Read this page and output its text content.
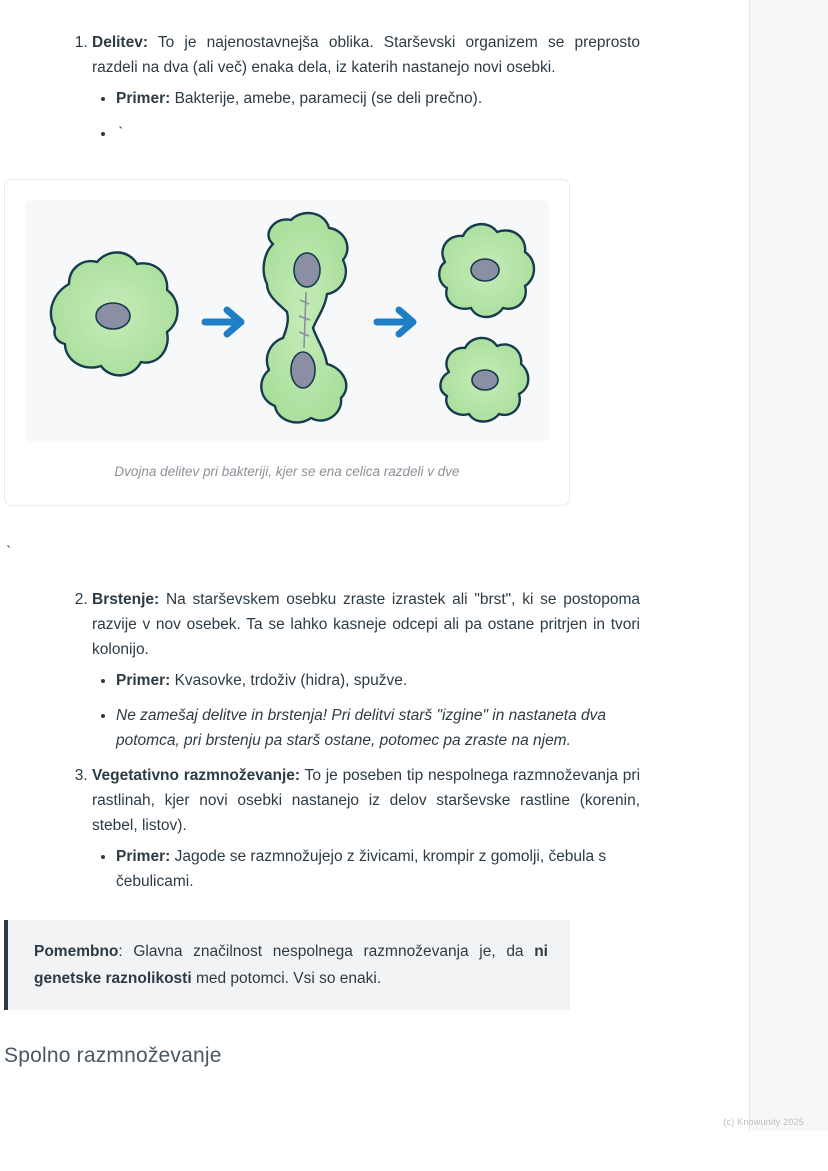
1. Delitev: To je najenostavnejša oblika. Starševski organizem se preprosto razdeli na dva (ali več) enaka dela, iz katerih nastanejo novi osebki.
• Primer: Bakterije, amebe, paramecij (se deli prečno).
• `
Dvojna delitev pri bakteriji, kjer se ena celica razdeli v dve
`
2. Brstenje: Na starševskem osebku zraste izrastek ali "brst", ki se postopoma razvije v nov osebek. Ta se lahko kasneje odcepi ali pa ostane pritrjen in tvori kolonijo.
• Primer: Kvasovke, trdoživ (hidra), spužve.
• Ne zamešaj delitve in brstenja! Pri delitvi starš "izgine" in nastaneta dva potomca, pri brstenju pa starš ostane, potomec pa zraste na njem.
3. Vegetativno razmnoževanje: To je poseben tip nespolnega razmnoževanja pri rastlinah, kjer novi osebki nastanejo iz delov starševske rastline (korenin, stebel, listov).
• Primer: Jagode se razmnožujejo z živicami, krompir z gomolji, čebula s čebulicami.
Pomembno: Glavna značilnost nespolnega razmnoževanja je, da ni genetske raznolikosti med potomci. Vsi so enaki.
Spolno razmnoževanje
(c) Knowunity 2025
